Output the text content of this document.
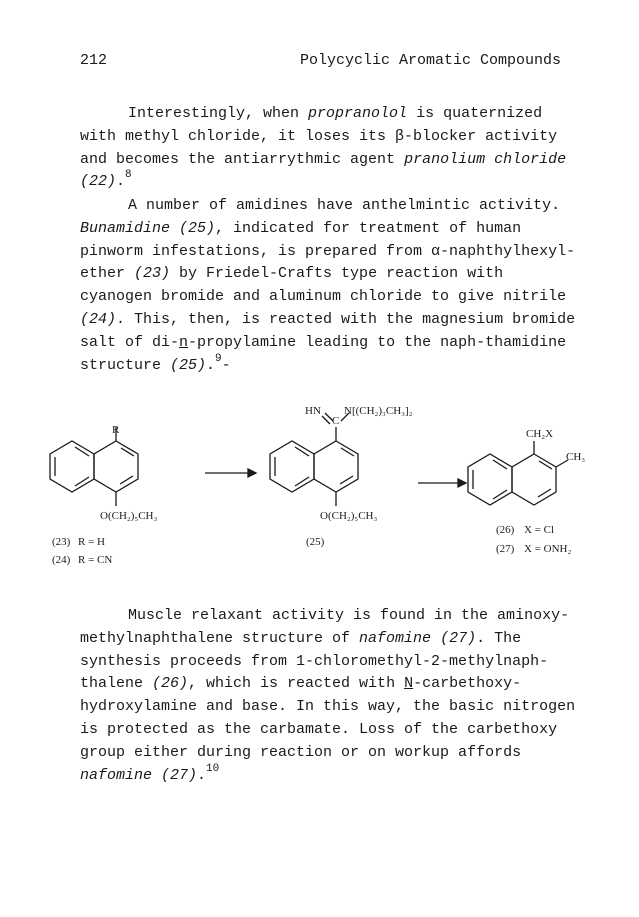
212	Polycyclic Aromatic Compounds

Interestingly, when propranolol is quaternized with methyl chloride, it loses its β-blocker activity and becomes the antiarrythmic agent pranolium chloride (22).$^8$

A number of amidines have anthelmintic activity. Bunamidine (25), indicated for treatment of human pinworm infestations, is prepared from α-naphthylhexyl-ether (23) by Friedel-Crafts type reaction with cyanogen bromide and aluminum chloride to give nitrile (24). This, then, is reacted with the magnesium bromide salt of di-n-propylamine leading to the naph-thamidine structure (25).$^9$-

R
O(CH₂)₅CH₃
(23) R = H
(24) R = CN
HN
C
N[(CH₂)₃CH₃]₂
O(CH₂)₅CH₃
(25)
CH₂X
CH₃
(26) X = Cl
(27) X = ONH₂

Muscle relaxant activity is found in the aminoxy-methylnaphthalene structure of nafomine (27). The synthesis proceeds from 1-chloromethyl-2-methylnaph-thalene (26), which is reacted with N-carbethoxy-hydroxylamine and base. In this way, the basic nitrogen is protected as the carbamate. Loss of the carbethoxy group either during reaction or on workup affords nafomine (27).$^{10}$
